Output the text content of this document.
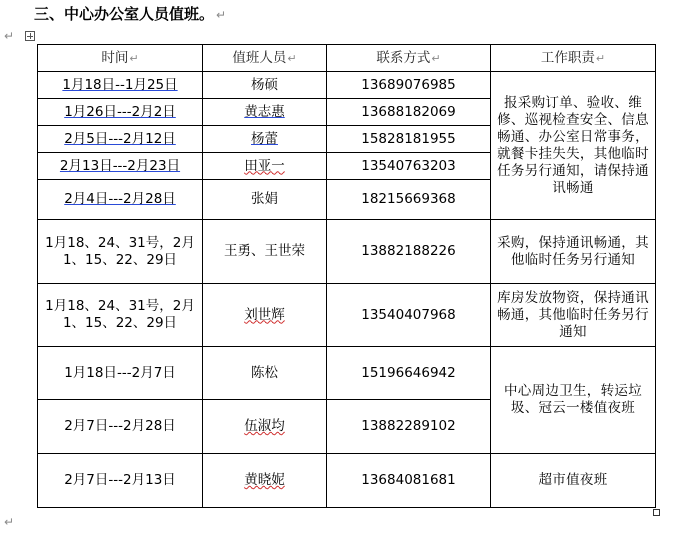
三、中心办公室人员值班。 ↵
↵
时间↵	值班人员↵	联系方式↵	工作职责↵
1月18日--1月25日	杨硕	13689076985	报采购订单、验收、维修、巡视检查安全、信息畅通、办公室日常事务，就餐卡挂失失，其他临时任务另行通知，请保持通讯畅通
1月26日---2月2日	黄志惠	13688182069	
2月5日---2月12日	杨蕾	15828181955	
2月13日---2月23日	田亚一	13540763203	
2月4日---2月28日	张娟	18215669368	
1月18、24、31号，2月1、15、22、29日	王勇、王世荣	13882188226	采购，保持通讯畅通，其他临时任务另行通知
1月18、24、31号，2月1、15、22、29日	刘世辉	13540407968	库房发放物资，保持通讯畅通，其他临时任务另行通知
1月18日---2月7日	陈松	15196646942	中心周边卫生，转运垃圾、冠云一楼值夜班
2月7日---2月28日	伍淑均	13882289102	
2月7日---2月13日	黄晓妮	13684081681	超市值夜班
↵
